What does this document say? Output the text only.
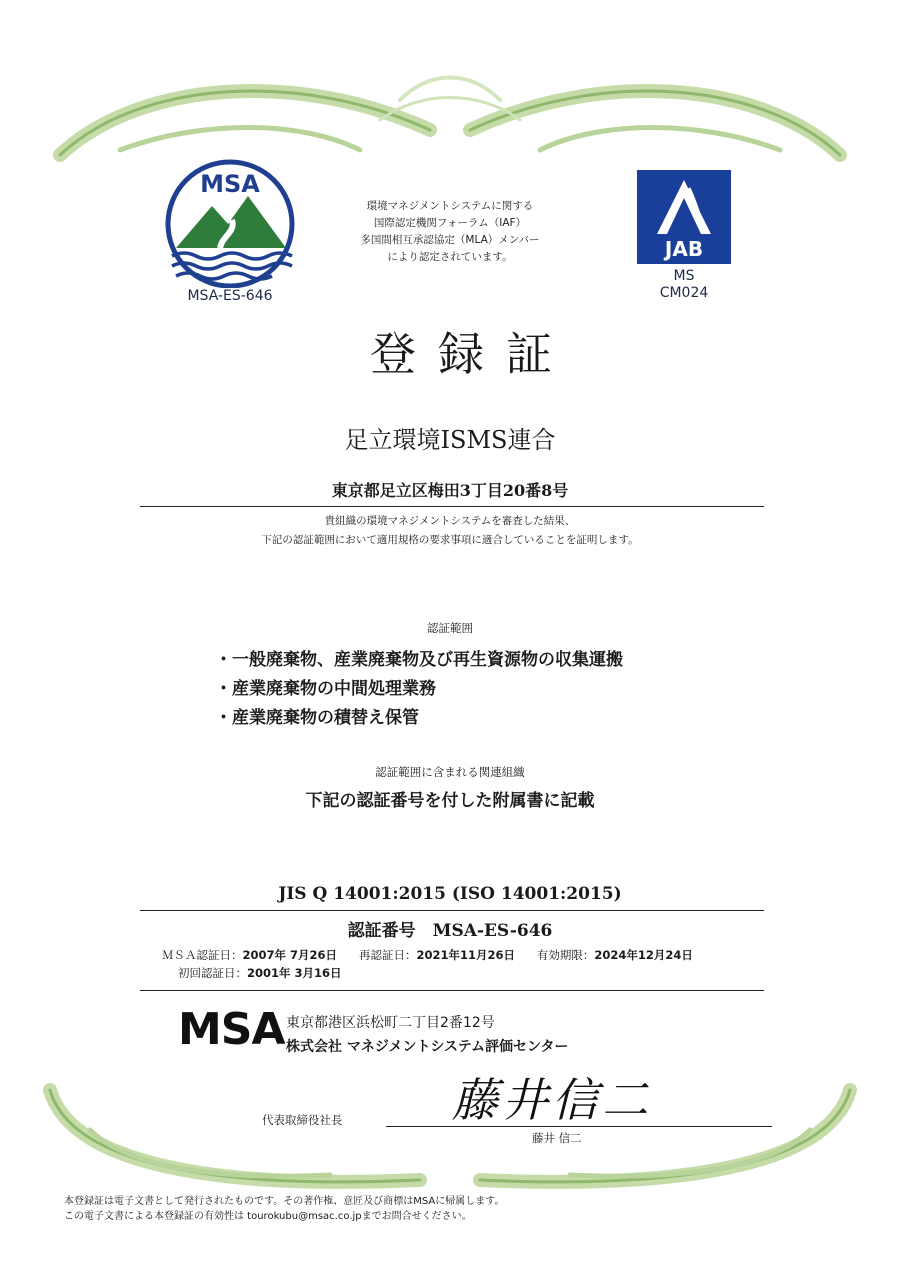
MSA
MSA-ES-646
環境マネジメントシステムに関する
国際認定機関フォーラム（IAF）
多国間相互承認協定（MLA）メンバー
により認定されています。	JAB
MS
CM024
登録証
足立環境ISMS連合
東京都足立区梅田3丁目20番8号
貴組織の環境マネジメントシステムを審査した結果、
下記の認証範囲において適用規格の要求事項に適合していることを証明します。
認証範囲
・一般廃棄物、産業廃棄物及び再生資源物の収集運搬
・産業廃棄物の中間処理業務
・産業廃棄物の積替え保管
認証範囲に含まれる関連組織
下記の認証番号を付した附属書に記載
JIS Q 14001:2015 (ISO 14001:2015)
認証番号　MSA-ES-646
ＭＳＡ認証日：2007年 7月26日 再認証日：2021年11月26日 有効期限：2024年12月24日
初回認証日：2001年 3月16日
MSA 東京都港区浜松町二丁目2番12号
株式会社 マネジメントシステム評価センター
代表取締役社長 藤井信二
藤井 信二
本登録証は電子文書として発行されたものです。その著作権、意匠及び商標はMSAに帰属します。
この電子文書による本登録証の有効性は tourokubu@msac.co.jpまでお問合せください。
